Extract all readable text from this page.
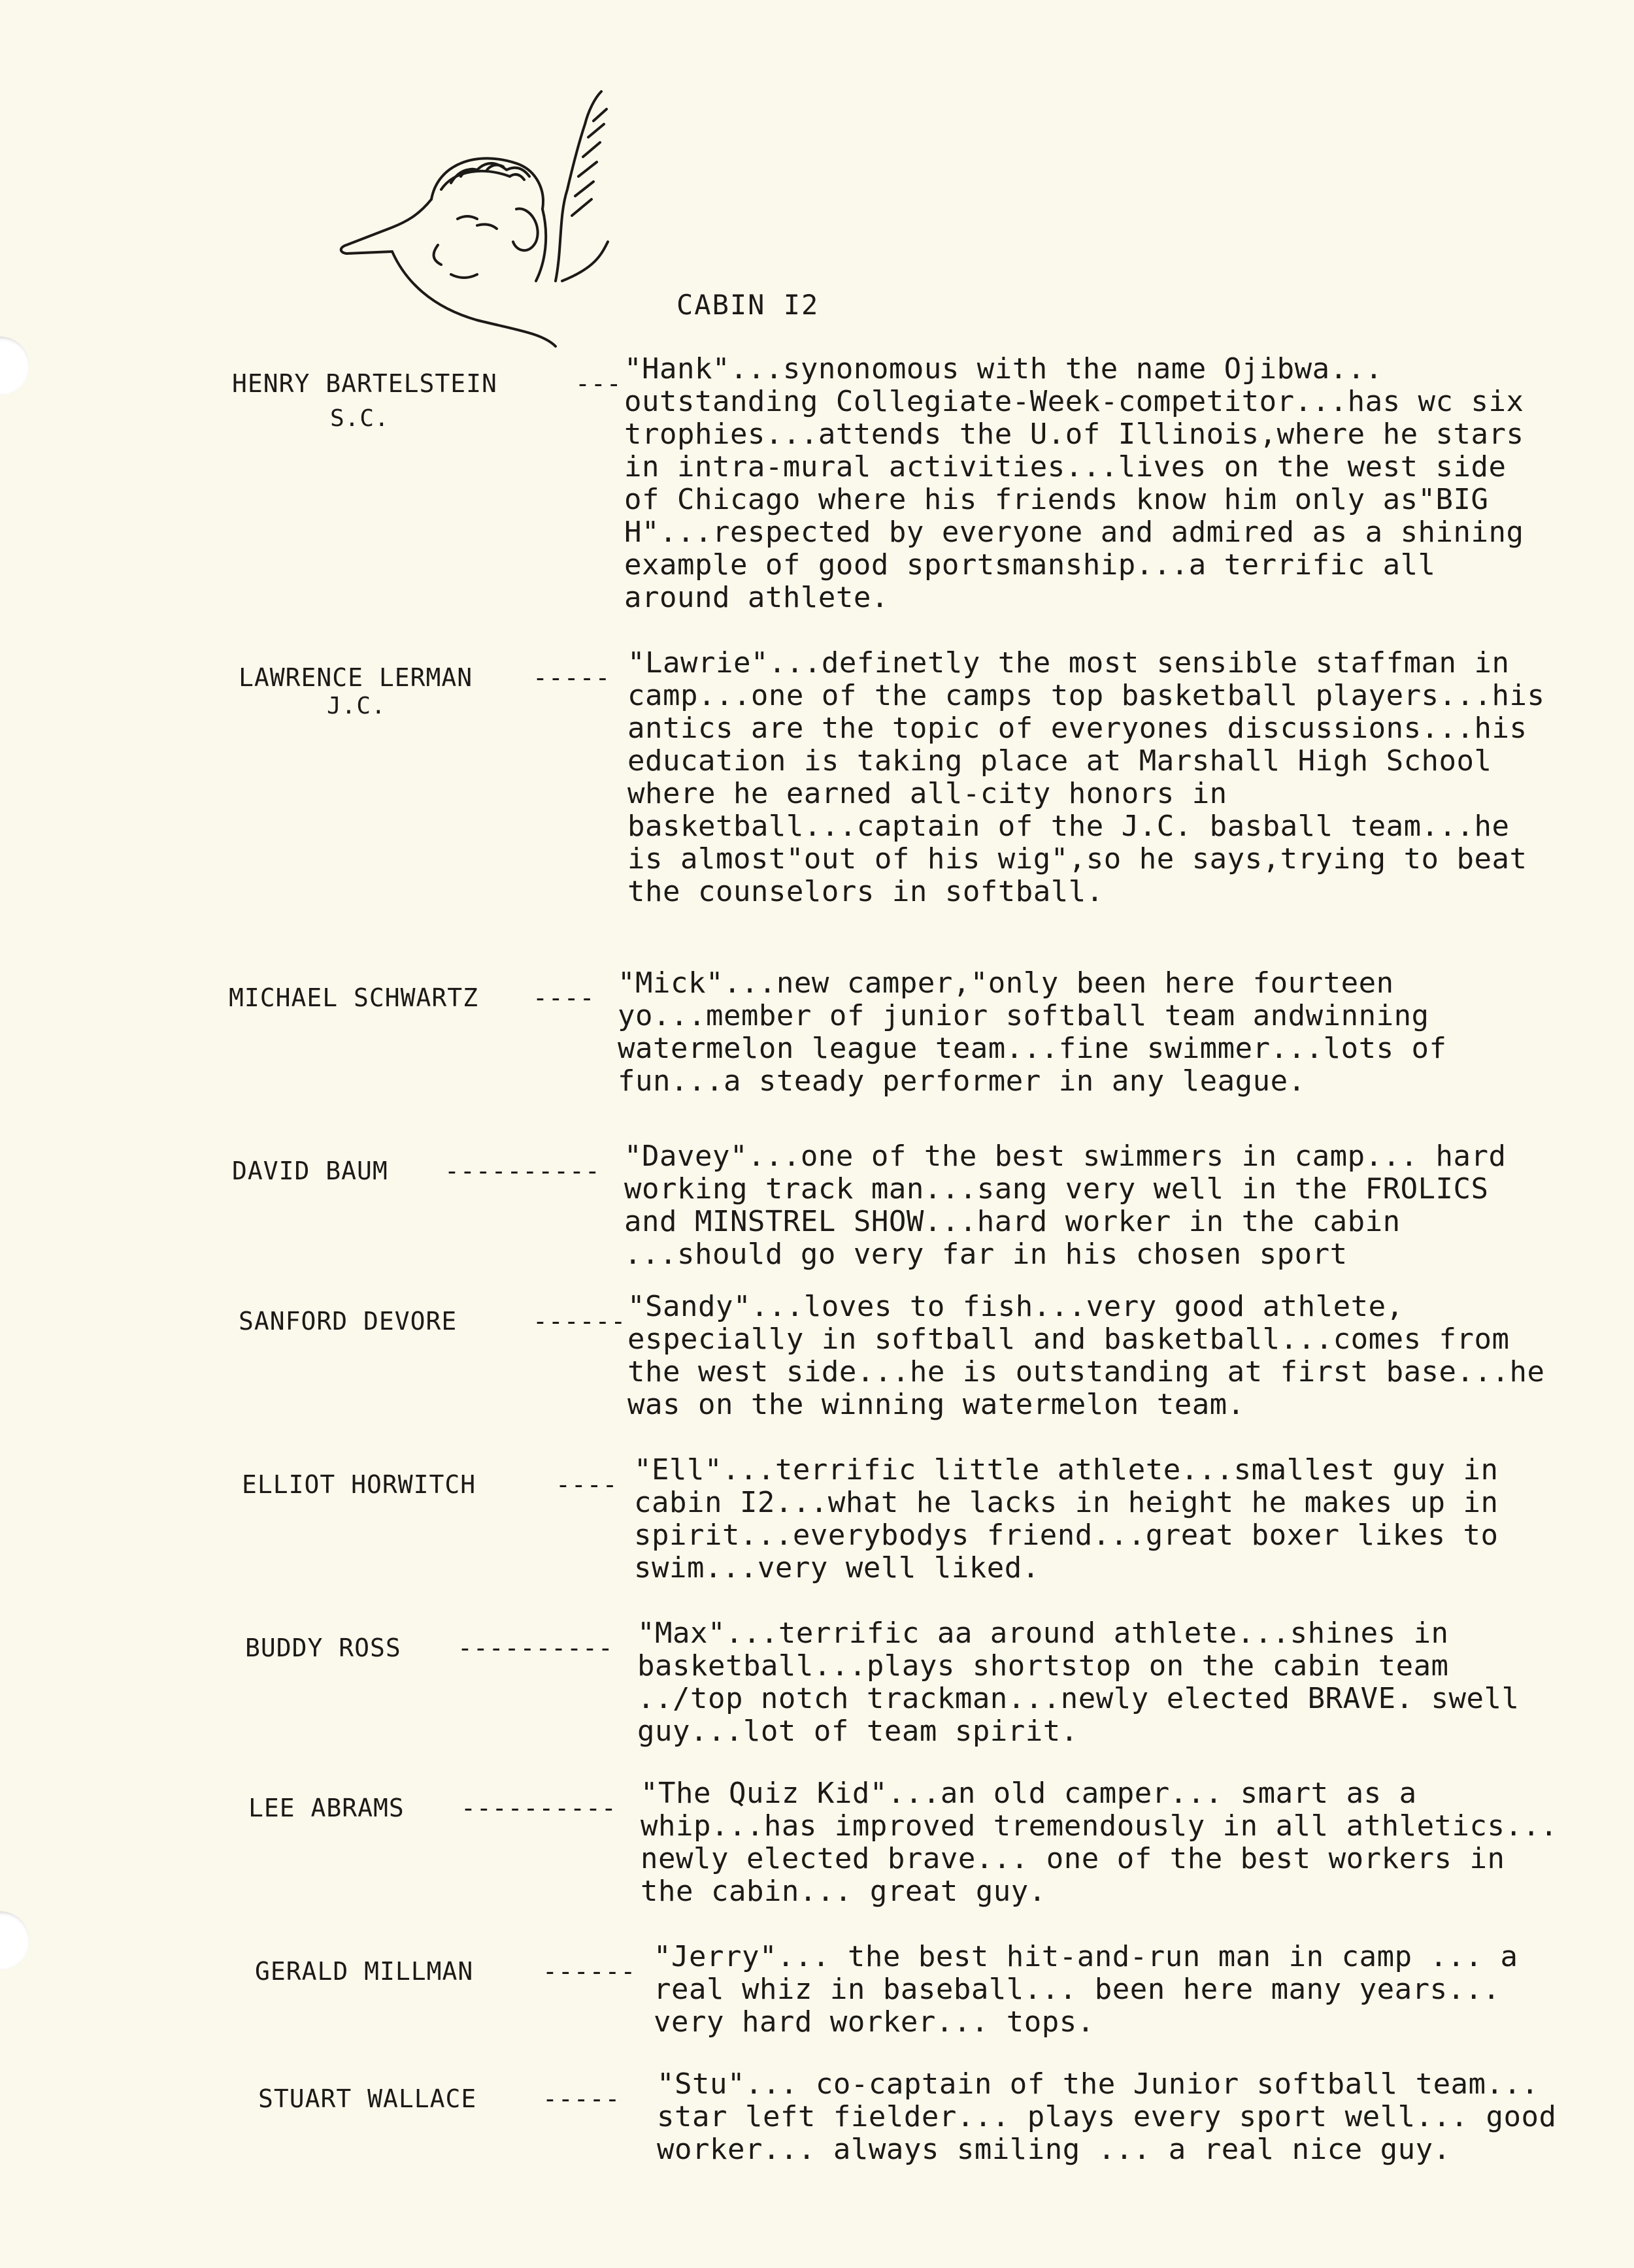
CABIN I2
HENRY BARTELSTEIN	---
S.C.
"Hank"...synonomous with the name Ojibwa... outstanding Collegiate-Week-competitor...has wc six trophies...attends the U.of Illinois,where he stars in intra-mural activities...lives on the west side of Chicago where his friends know him only as"BIG H"...respected by everyone and admired as a shining example of good sportsmanship...a terrific all around athlete.
LAWRENCE LERMAN -----
J.C.
"Lawrie"...definetly the most sensible staffman in camp...one of the camps top basketball players...his antics are the topic of everyones discussions...his education is taking place at Marshall High School where he earned all-city honors in basketball...captain of the J.C. basball team...he is almost"out of his wig",so he says,trying to beat the counselors in softball.
MICHAEL SCHWARTZ ---- "Mick"...new camper,"only been here fourteen yo...member of junior softball team andwinning watermelon league team...fine swimmer...lots of fun...a steady performer in any league.
DAVID BAUM ---------- "Davey"...one of the best swimmers in camp... hard working track man...sang very well in the FROLICS and MINSTREL SHOW...hard worker in the cabin ...should go very far in his chosen sport
SANFORD DEVORE	------ "Sandy"...loves to fish...very good athlete, especially in softball and basketball...comes from the west side...he is outstanding at first base...he was on the winning watermelon team.
ELLIOT HORWITCH	---- "Ell"...terrific little athlete...smallest guy in cabin I2...what he lacks in height he makes up in spirit...everybodys friend...great boxer likes to swim...very well liked.
BUDDY ROSS ---------- "Max"...terrific aa around athlete...shines in basketball...plays shortstop on the cabin team ../top notch trackman...newly elected BRAVE. swell guy...lot of team spirit.
LEE ABRAMS ---------- "The Quiz Kid"...an old camper... smart as a whip...has improved tremendously in all athletics... newly elected brave... one of the best workers in the cabin... great guy.
GERALD MILLMAN	------ "Jerry"... the best hit-and-run man in camp ... a real whiz in baseball... been here many years... very hard worker... tops.
STUART WALLACE	----- "Stu"... co-captain of the Junior softball team... star left fielder... plays every sport well... good worker... always smiling ... a real nice guy.
